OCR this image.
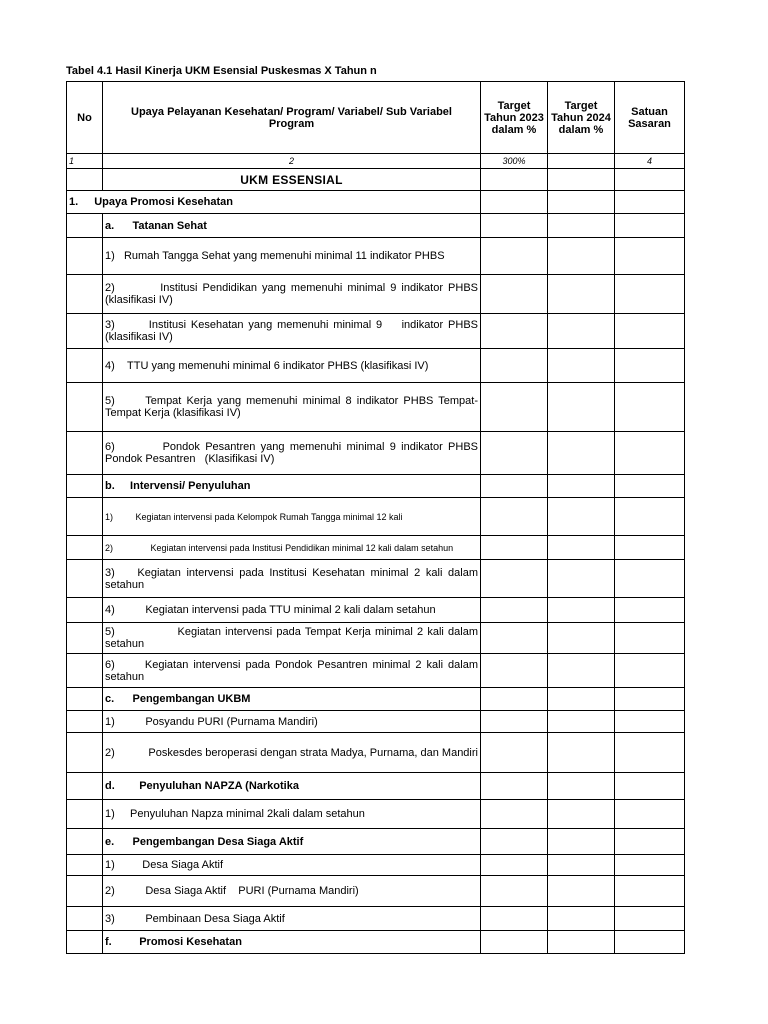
Tabel 4.1 Hasil Kinerja UKM Esensial Puskesmas X Tahun n
No	Upaya Pelayanan Kesehatan/ Program/ Variabel/ Sub Variabel Program	Target Tahun 2023 dalam %	Target Tahun 2024 dalam %	Satuan Sasaran
1	2	300%		4
	UKM ESSENSIAL			
1. Upaya Promosi Kesehatan				
	a.      Tatanan Sehat			
	1)   Rumah Tangga Sehat yang memenuhi minimal 11 indikator PHBS			
	2)         Institusi Pendidikan yang memenuhi minimal 9 indikator PHBS (klasifikasi IV)			
	3)       Institusi Kesehatan yang memenuhi minimal 9    indikator PHBS (klasifikasi IV)			
	4)    TTU yang memenuhi minimal 6 indikator PHBS (klasifikasi IV)			
	5)      Tempat Kerja yang memenuhi minimal 8 indikator PHBS Tempat-Tempat Kerja (klasifikasi IV)			
	6)         Pondok Pesantren yang memenuhi minimal 9 indikator PHBS Pondok Pesantren   (Klasifikasi IV)			
	b.     Intervensi/ Penyuluhan			
	1)         Kegiatan intervensi pada Kelompok Rumah Tangga minimal 12 kali			
	2)               Kegiatan intervensi pada Institusi Pendidikan minimal 12 kali dalam setahun			
	3)    Kegiatan intervensi pada Institusi Kesehatan minimal 2 kali dalam setahun			
	4)          Kegiatan intervensi pada TTU minimal 2 kali dalam setahun			
	5)               Kegiatan intervensi pada Tempat Kerja minimal 2 kali dalam setahun			
	6)      Kegiatan intervensi pada Pondok Pesantren minimal 2 kali dalam setahun			
	c.      Pengembangan UKBM			
	1)          Posyandu PURI (Purnama Mandiri)			
	2)           Poskesdes beroperasi dengan strata Madya, Purnama, dan Mandiri			
	d.        Penyuluhan NAPZA (Narkotika			
	1)     Penyuluhan Napza minimal 2kali dalam setahun			
	e.      Pengembangan Desa Siaga Aktif			
	1)         Desa Siaga Aktif			
	2)          Desa Siaga Aktif    PURI (Purnama Mandiri)			
	3)          Pembinaan Desa Siaga Aktif			
	f.         Promosi Kesehatan			
